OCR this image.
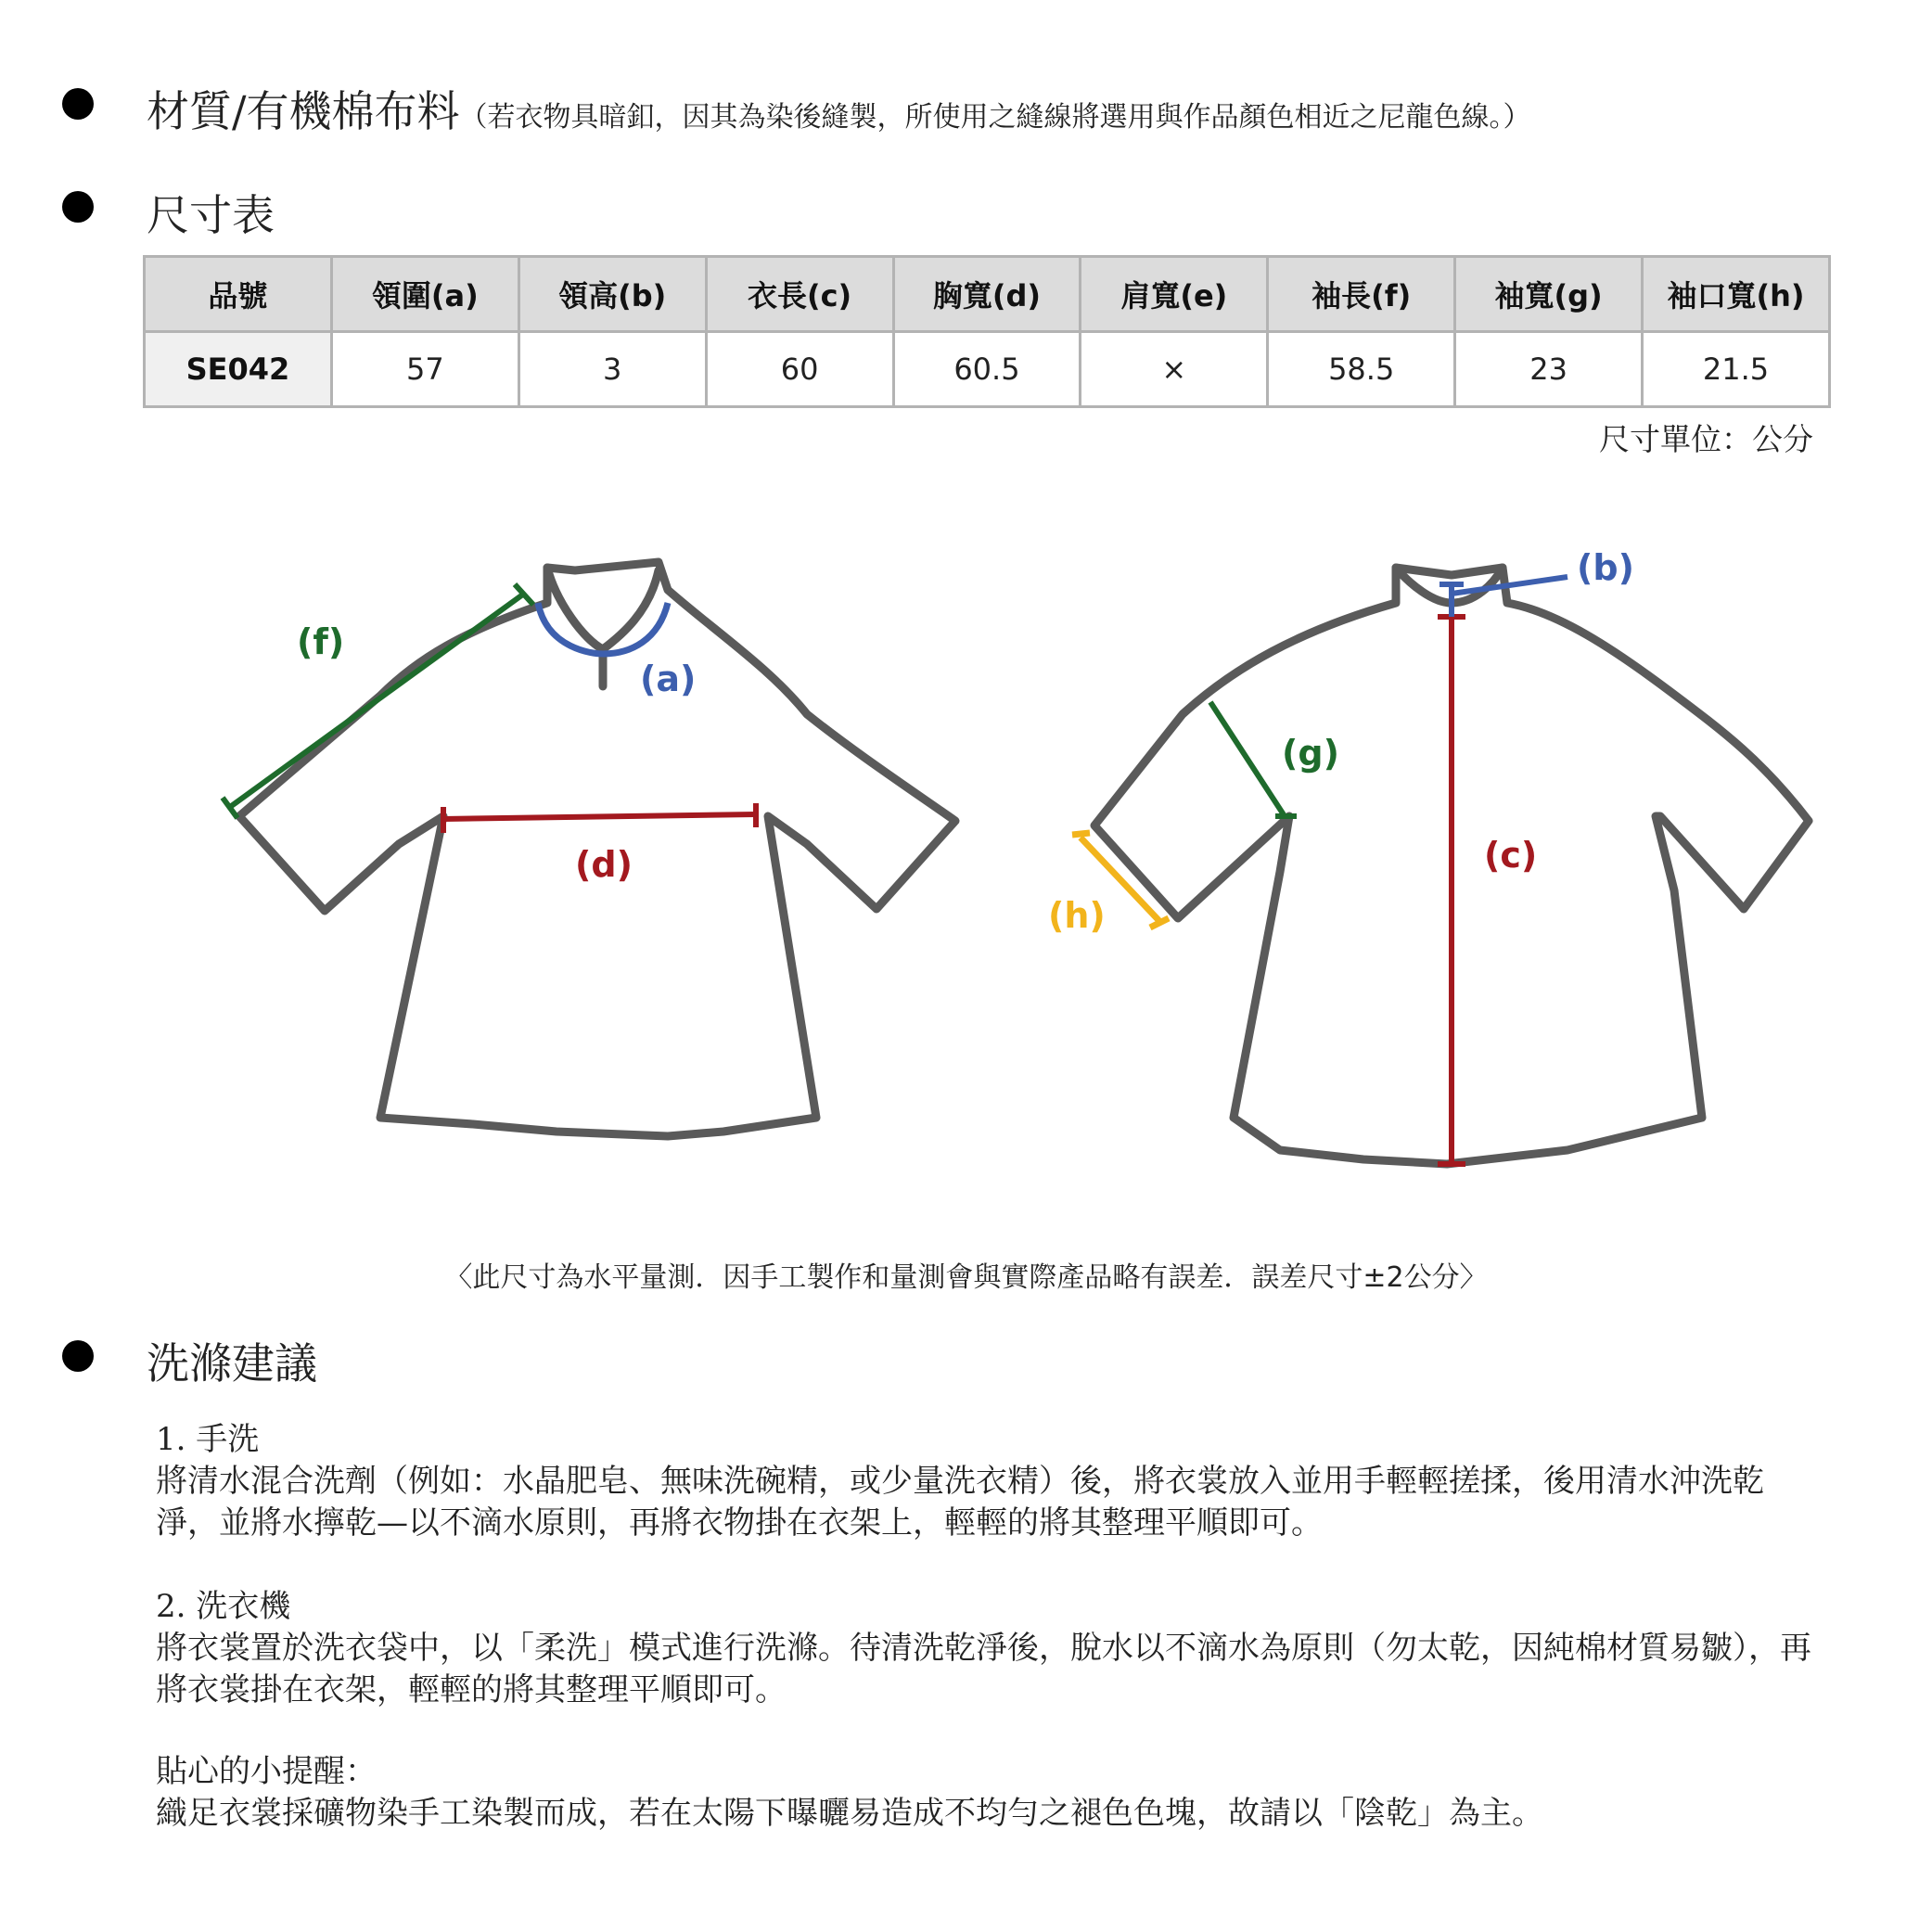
材質/有機棉布料（若衣物具暗釦，因其為染後縫製，所使用之縫線將選用與作品顏色相近之尼龍色線。）
尺寸表
品號	領圍(a)	領高(b)	衣長(c)	胸寬(d)	肩寬(e)	袖長(f)	袖寬(g)	袖口寬(h)
SE042	57	3	60	60.5	×	58.5	23	21.5
尺寸單位：公分
(f)
(a)
(d)
(b)
(g)
(c)
(h)
〈此尺寸為水平量測．因手工製作和量測會與實際產品略有誤差．誤差尺寸±2公分〉
洗滌建議
1. 手洗
將清水混合洗劑（例如：水晶肥皂、無味洗碗精，或少量洗衣精）後，將衣裳放入並用手輕輕搓揉，後用清水沖洗乾淨，並將水擰乾—以不滴水原則，再將衣物掛在衣架上，輕輕的將其整理平順即可。
2. 洗衣機
將衣裳置於洗衣袋中，以「柔洗」模式進行洗滌。待清洗乾淨後，脫水以不滴水為原則（勿太乾，因純棉材質易皺），再將衣裳掛在衣架，輕輕的將其整理平順即可。
貼心的小提醒：
織足衣裳採礦物染手工染製而成，若在太陽下曝曬易造成不均勻之褪色色塊，故請以「陰乾」為主。
